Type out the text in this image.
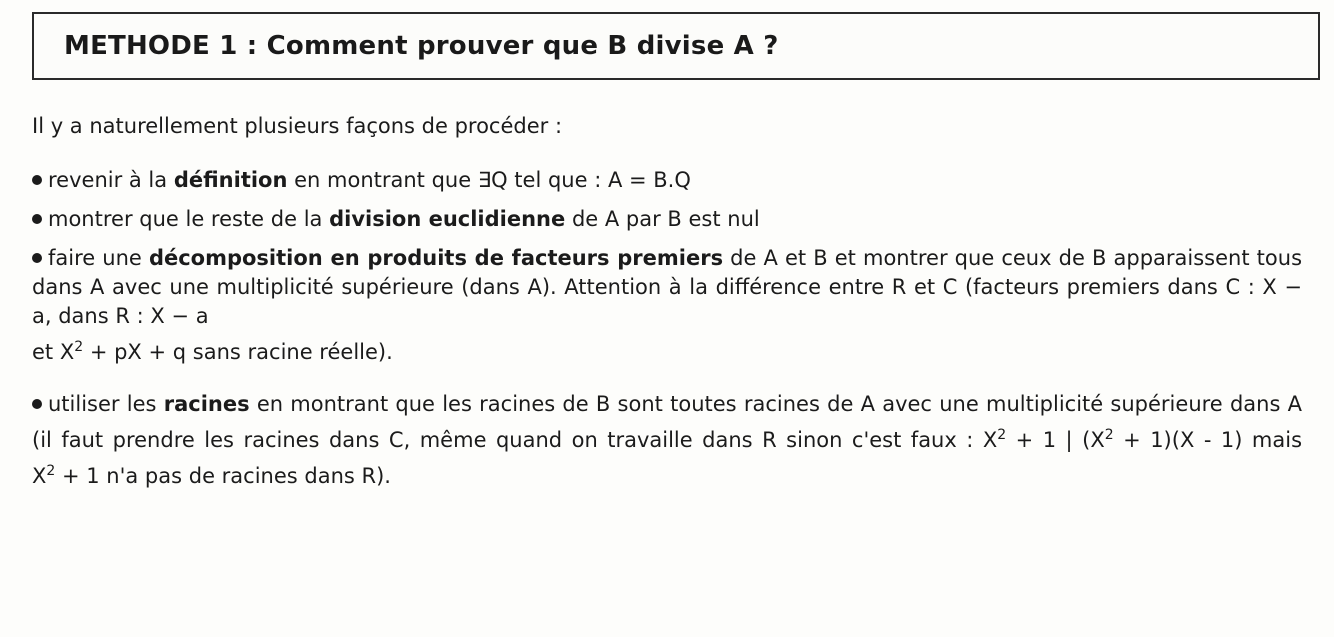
METHODE 1 : Comment prouver que B divise A ?

Il y a naturellement plusieurs façons de procéder :

revenir à la définition en montrant que ∃Q tel que : A = B.Q

montrer que le reste de la division euclidienne de A par B est nul

faire une décomposition en produits de facteurs premiers de A et B et montrer que ceux de B apparaissent tous dans A avec une multiplicité supérieure (dans A). Attention à la différence entre R et C (facteurs premiers dans C : X − a, dans R : X − a
et $X^2$ + pX + q sans racine réelle).

utiliser les racines en montrant que les racines de B sont toutes racines de A avec une multiplicité supérieure dans A (il faut prendre les racines dans C, même quand on travaille dans R sinon c'est faux : $X^2 + 1$ | $(X^2 + 1)(X - 1)$ mais $X^2 + 1$ n'a pas de racines dans R).
